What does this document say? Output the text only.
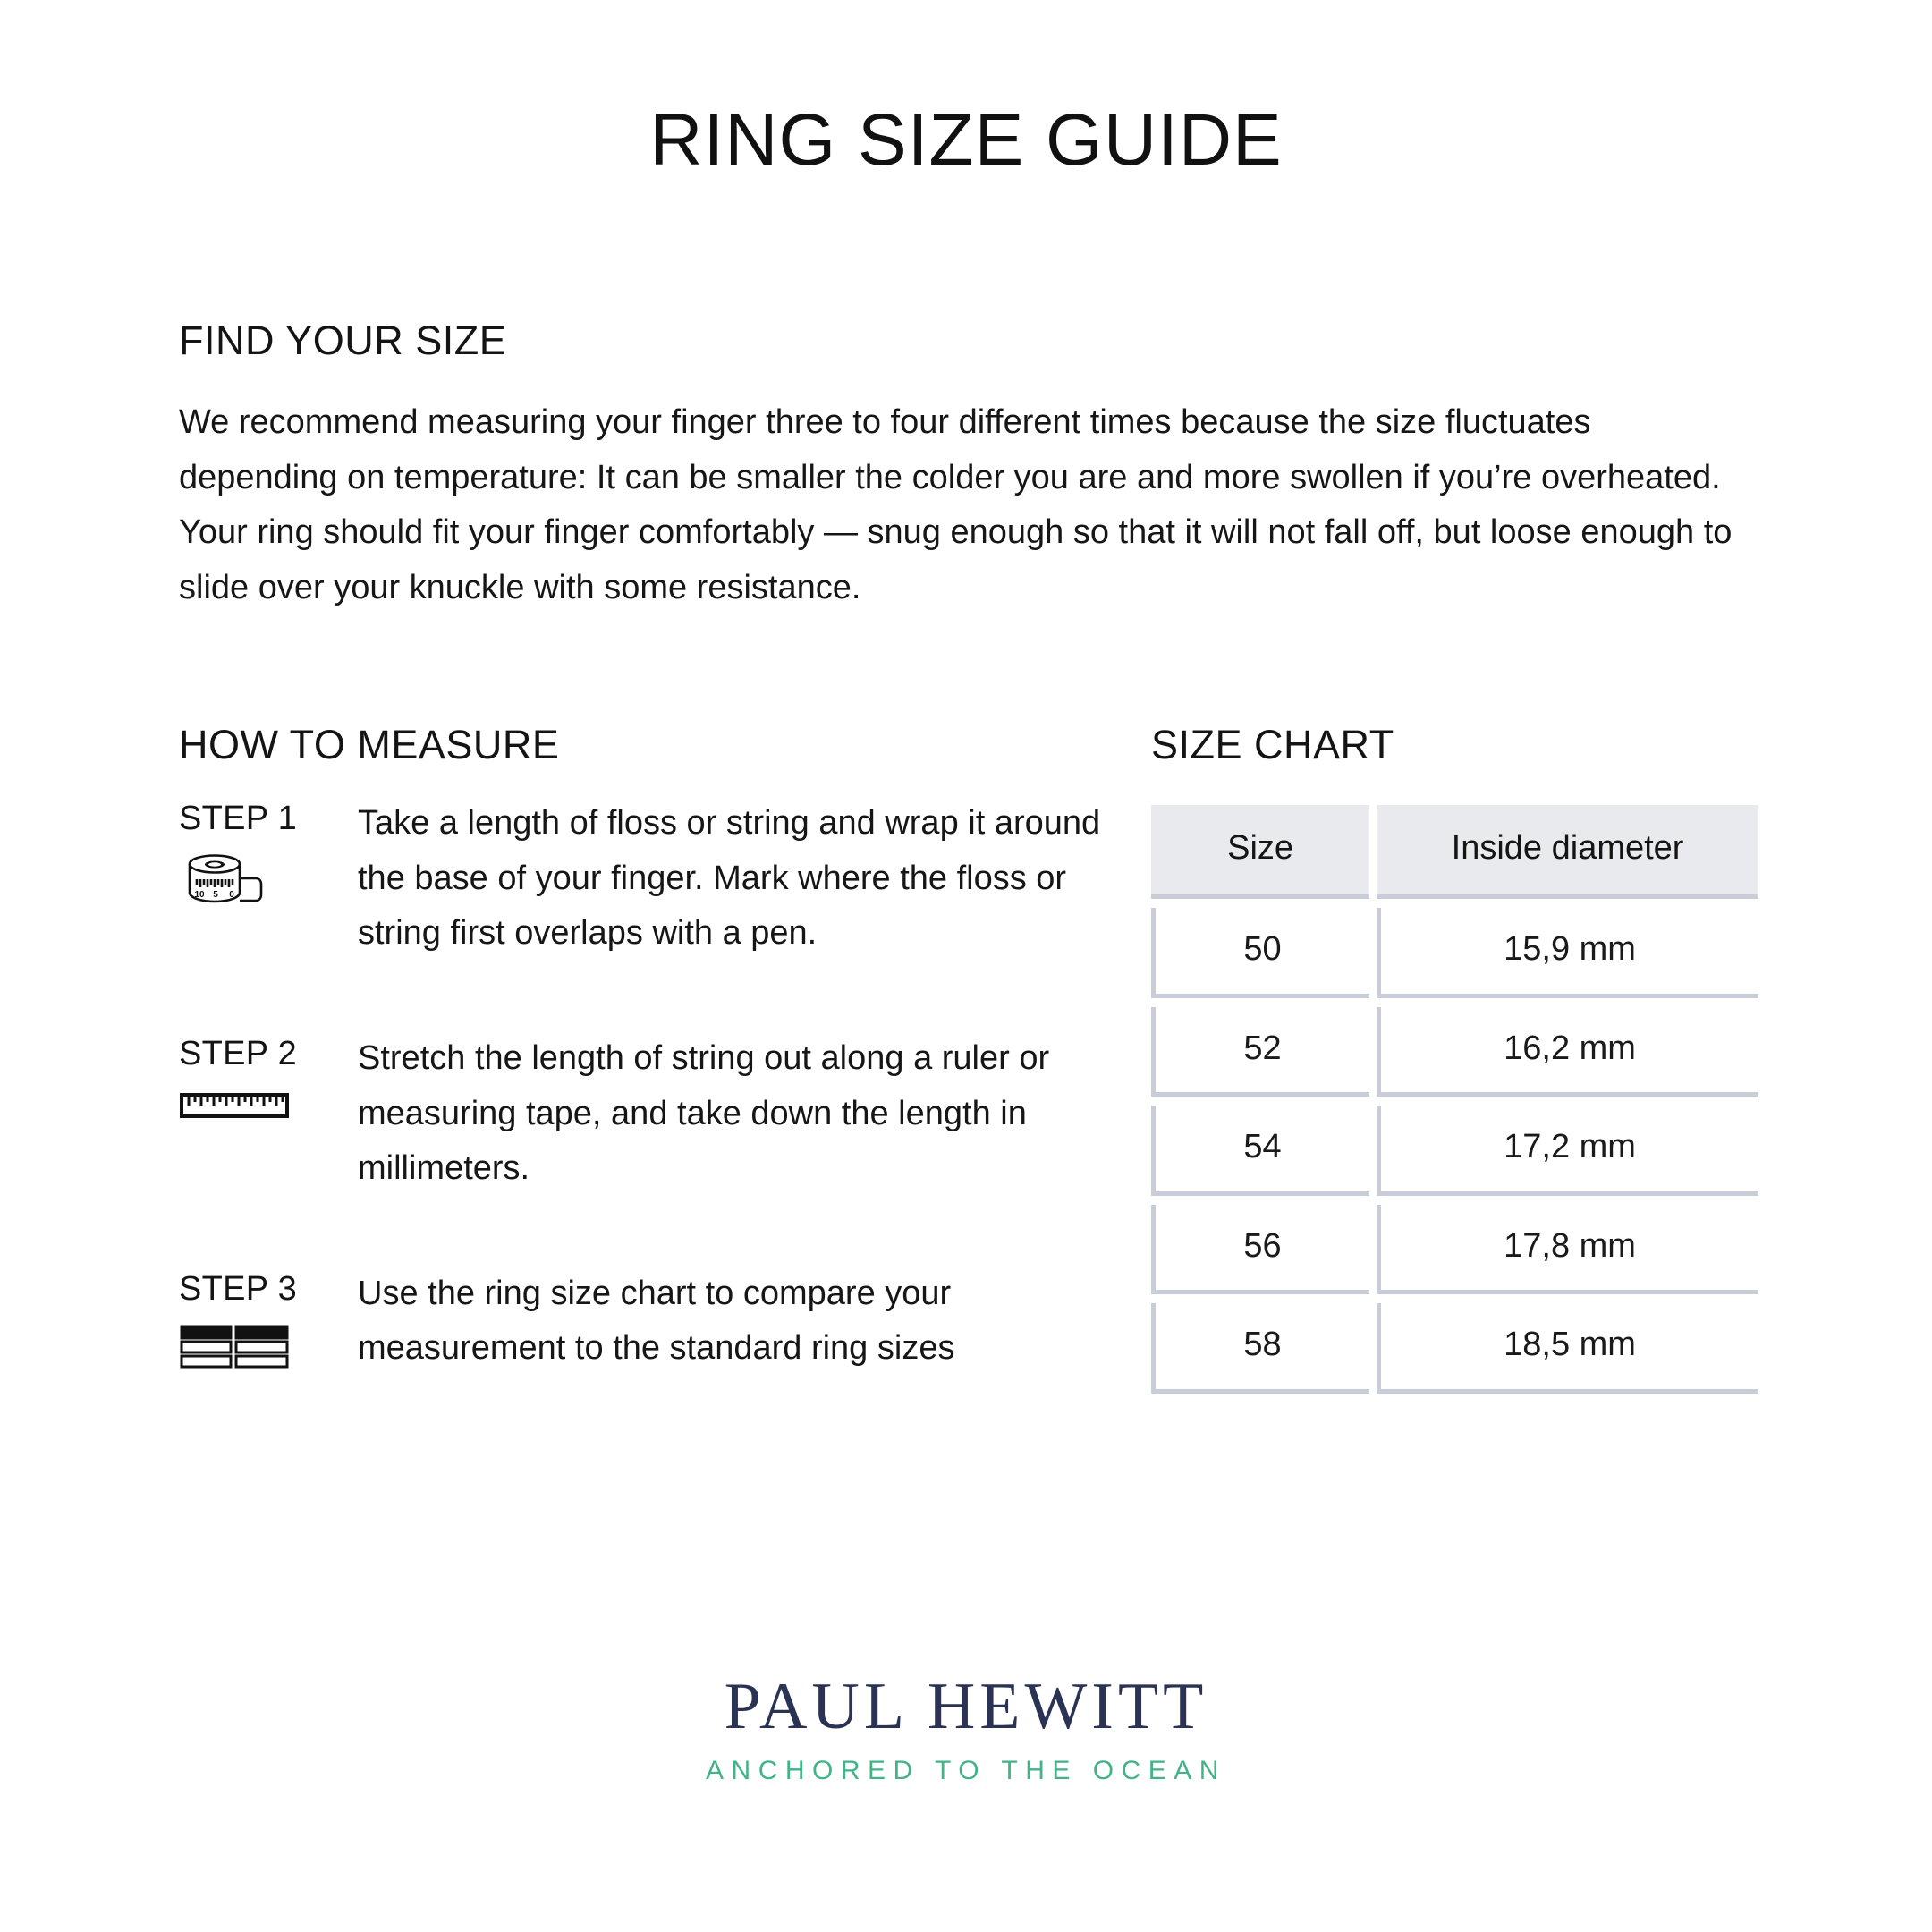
RING SIZE GUIDE
FIND YOUR SIZE

We recommend measuring your finger three to four different times because the size fluctuates depending on temperature: It can be smaller the colder you are and more swollen if you’re overheated. Your ring should fit your finger comfortably — snug enough so that it will not fall off, but loose enough to slide over your knuckle with some resistance.

HOW TO MEASURE
STEP 1
10 5 0
Take a length of floss or string and wrap it around the base of your finger. Mark where the floss or string first overlaps with a pen.
STEP 2	Stretch the length of string out along a ruler or measuring tape, and take down the length in millimeters.
STEP 3	Use the ring size chart to compare your measurement to the standard ring sizes
SIZE CHART
Size	Inside diameter
50	15,9 mm
52	16,2 mm
54	17,2 mm
56	17,8 mm
58	18,5 mm
PAUL HEWITT
ANCHORED TO THE OCEAN
